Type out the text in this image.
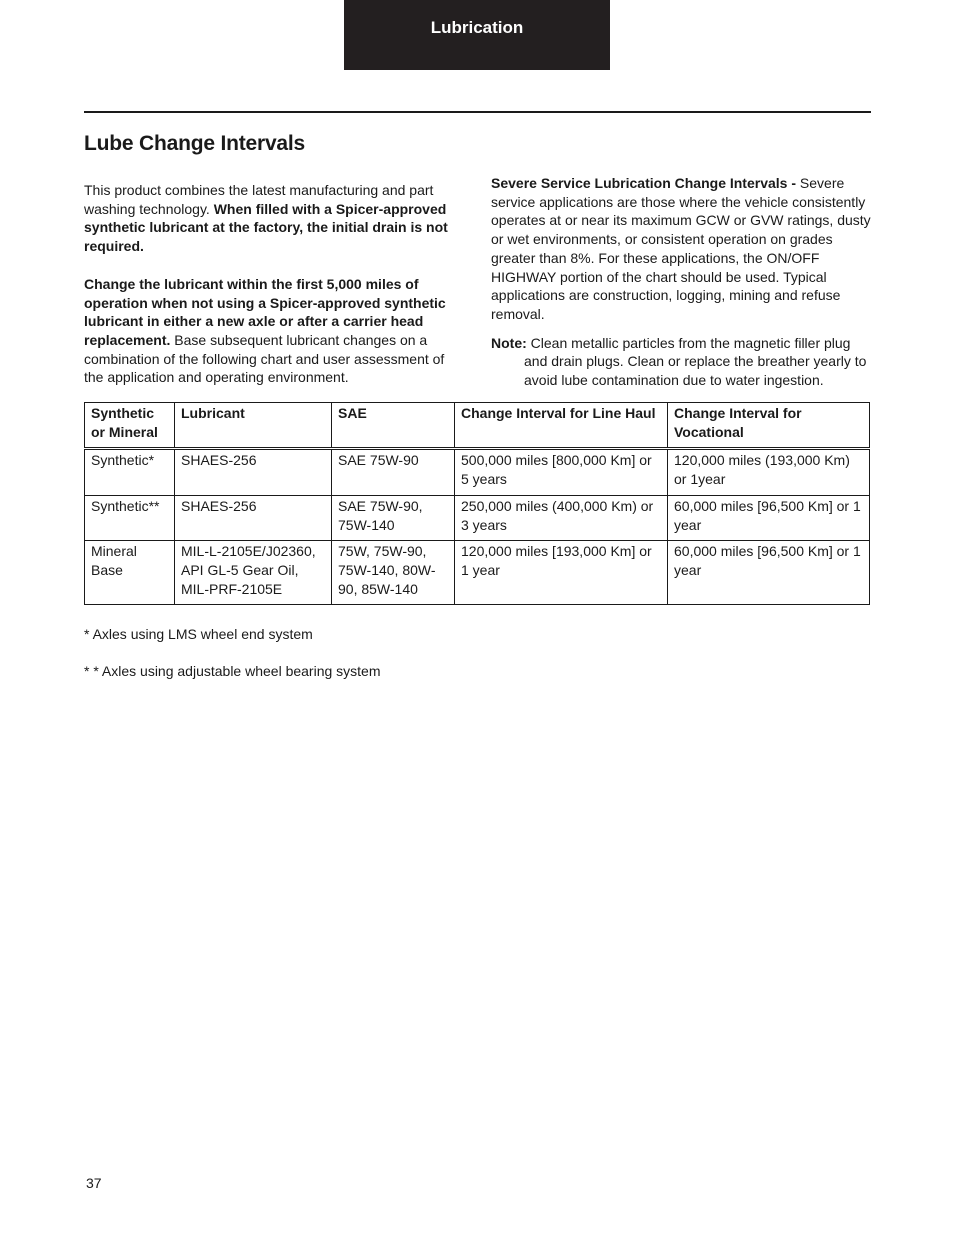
Lubrication
Lube Change Intervals

This product combines the latest manufacturing and part washing technology. When filled with a Spicer-approved synthetic lubricant at the factory, the initial drain is not required.

Change the lubricant within the first 5,000 miles of operation when not using a Spicer-approved synthetic lubricant in either a new axle or after a carrier head replacement. Base subsequent lubricant changes on a combination of the following chart and user assessment of the application and operating environment.

Severe Service Lubrication Change Intervals - Severe service applications are those where the vehicle consistently operates at or near its maximum GCW or GVW ratings, dusty or wet environments, or consistent operation on grades greater than 8%. For these applications, the ON/OFF HIGHWAY portion of the chart should be used. Typical applications are construction, logging, mining and refuse removal.

Note: Clean metallic particles from the magnetic filler plug and drain plugs. Clean or replace the breather yearly to avoid lube contamination due to water ingestion.

Synthetic or Mineral	Lubricant	SAE	Change Interval for Line Haul	Change Interval for Vocational
Synthetic*	SHAES-256	SAE 75W-90	500,000 miles [800,000 Km] or 5 years	120,000 miles (193,000 Km) or 1year
Synthetic**	SHAES-256	SAE 75W-90, 75W-140	250,000 miles (400,000 Km) or 3 years	60,000 miles [96,500 Km] or 1 year
Mineral Base	MIL-L-2105E/J02360, API GL-5 Gear Oil, MIL-PRF-2105E	75W, 75W-90, 75W-140, 80W-90, 85W-140	120,000 miles [193,000 Km] or 1 year	60,000 miles [96,500 Km] or 1 year
* Axles using LMS wheel end system
* * Axles using adjustable wheel bearing system
37
